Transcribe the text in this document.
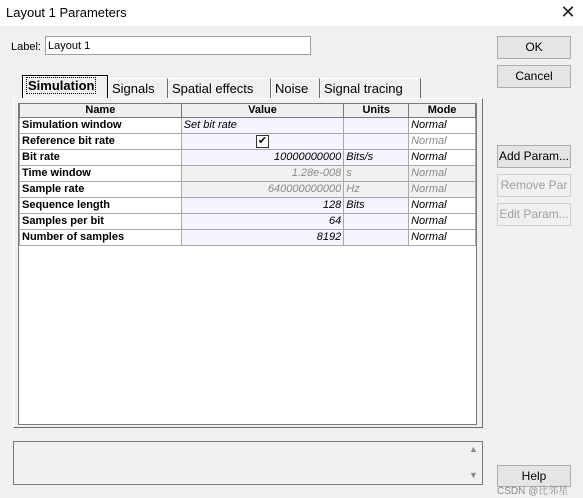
Layout 1 Parameters	✕
Label: Layout 1	OK
Cancel
Add Param...
Remove Par
Edit Param...
Help
Signals	Spatial effects	Noise	Signal tracing
Simulation
Name	Value	Units	Mode
Simulation window	Set bit rate		Normal
Reference bit rate	✔		Normal
Bit rate	10000000000	Bits/s	Normal
Time window	1.28e-008	s	Normal
Sample rate	640000000000	Hz	Normal
Sequence length	128	Bits	Normal
Samples per bit	64		Normal
Number of samples	8192		Normal
▲
▼
CSDN @比邻星
